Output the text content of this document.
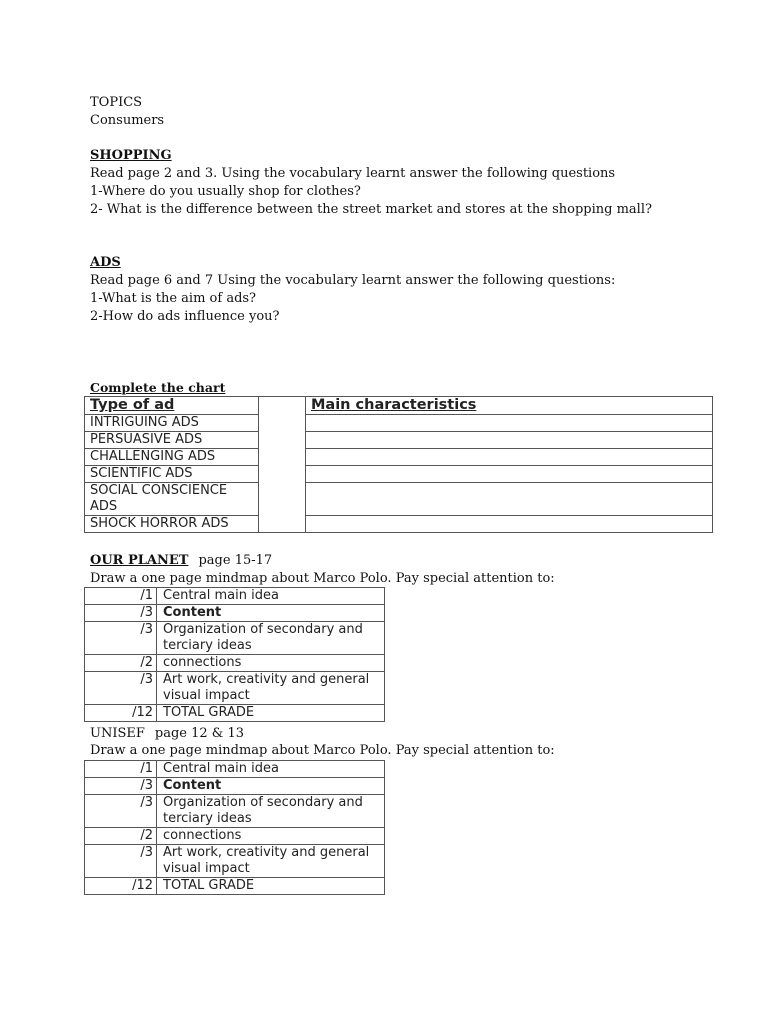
TOPICS
Consumers
SHOPPING
Read page 2 and 3. Using the vocabulary learnt answer the following questions
1-Where do you usually shop for clothes?
2- What is the difference between the street market and stores at the shopping mall?
ADS
Read page 6 and 7 Using the vocabulary learnt answer the following questions:
1-What is the aim of ads?
2-How do ads influence you?
Complete the chart
Type of ad		Main characteristics
INTRIGUING ADS		
PERSUASIVE ADS		
CHALLENGING ADS		
SCIENTIFIC ADS		
SOCIAL CONSCIENCE ADS		
SHOCK HORROR ADS		
OUR PLANET page 15-17
Draw a one page mindmap about Marco Polo. Pay special attention to:
/1	Central main idea
/3	Content
/3	Organization of secondary and terciary ideas
/2	connections
/3	Art work, creativity and general visual impact
/12	TOTAL GRADE
UNISEF page 12 & 13
Draw a one page mindmap about Marco Polo. Pay special attention to:
/1	Central main idea
/3	Content
/3	Organization of secondary and terciary ideas
/2	connections
/3	Art work, creativity and general visual impact
/12	TOTAL GRADE
